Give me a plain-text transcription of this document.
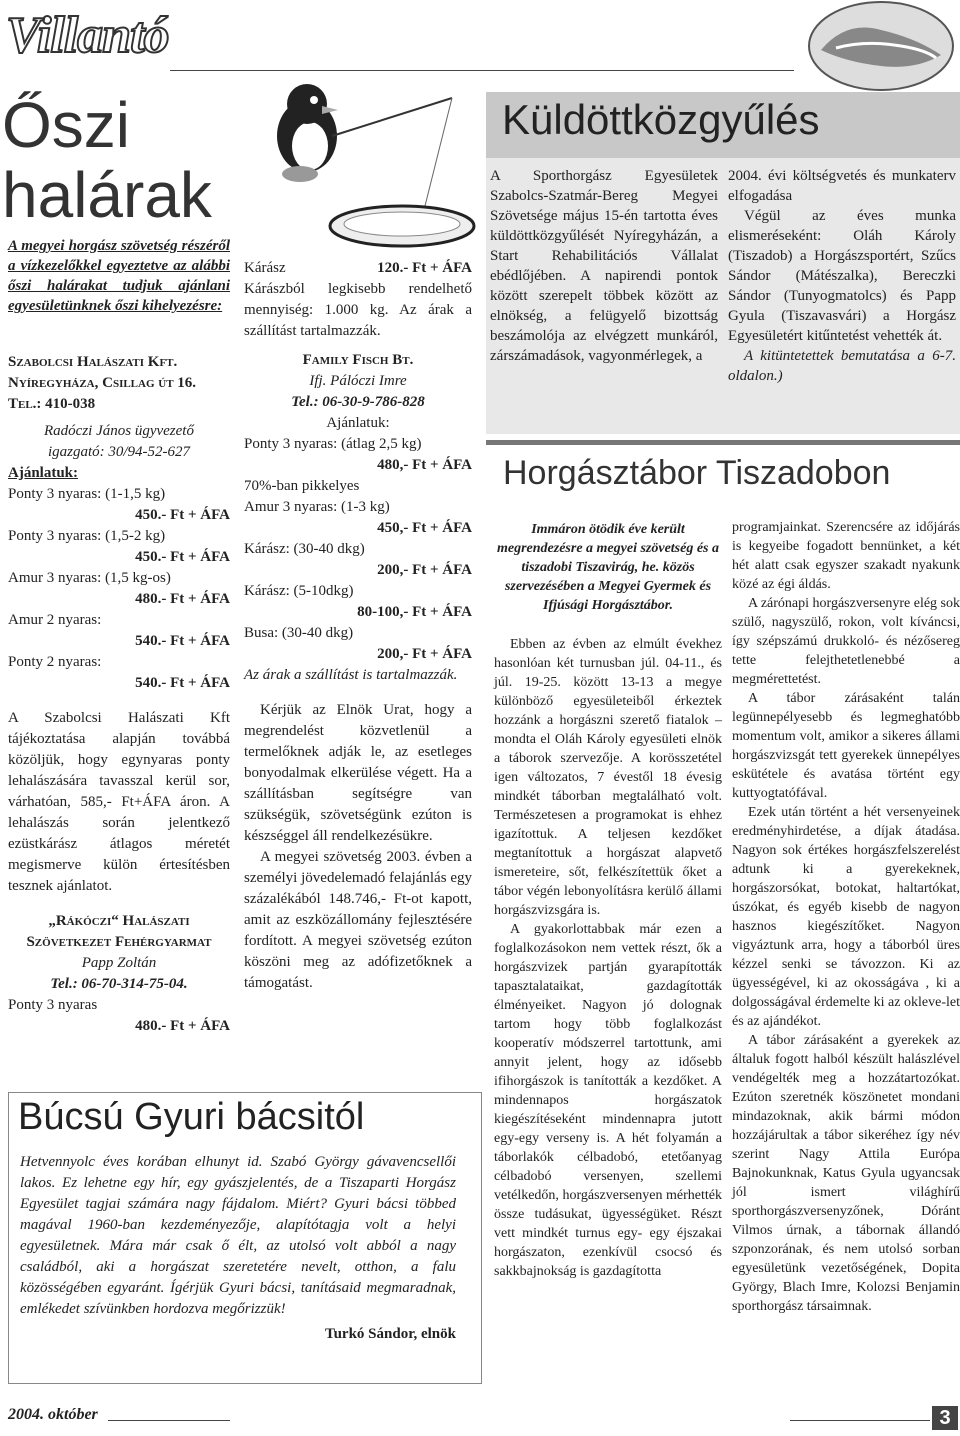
Villantó
Őszi halárak
A megyei horgász szövetség részéről a vízkezelőkkel egyeztetve az alábbi őszi halárakat tudjuk ajánlani egyesületünknek őszi kihelyezésre:

Szabolcsi Halászati Kft.

Nyíregyháza, Csillag út 16.

Tel.: 410-038

Radóczi János ügyvezető

igazgató: 30/94-52-627

Ajánlatuk:

Ponty 3 nyaras: (1-1,5 kg)

450.- Ft + ÁFA

Ponty 3 nyaras: (1,5-2 kg)

450.- Ft + ÁFA

Amur 3 nyaras: (1,5 kg-os)

480.- Ft + ÁFA

Amur 2 nyaras:

540.- Ft + ÁFA

Ponty 2 nyaras:

540.- Ft + ÁFA

A Szabolcsi Halászati Kft tájékoztatása alapján továbbá közöljük, hogy egynyaras ponty lehalászására tavasszal kerül sor, várhatóan, 585,- Ft+ÁFA áron. A lehalászás során jelentkező ezüstkárász átlagos méretét megismerve külön értesítésben tesznek ajánlatot.

„Rákóczi“ Halászati Szövetkezet Fehérgyarmat

Papp Zoltán

Tel.: 06-70-314-75-04.

Ponty 3 nyaras

480.- Ft + ÁFA

Kárász	120.- Ft + ÁFA

Kárászból legkisebb rendelhető mennyiség: 1.000 kg. Az árak a szállítást tartalmazzák.

Family Fisch Bt.

Ifj. Pálóczi Imre

Tel.: 06-30-9-786-828

Ajánlatuk:

Ponty 3 nyaras: (átlag 2,5 kg)

480,- Ft + ÁFA

70%-ban pikkelyes

Amur 3 nyaras: (1-3 kg)

450,- Ft + ÁFA

Kárász: (30-40 dkg)

200,- Ft + ÁFA

Kárász: (5-10dkg)

80-100,- Ft + ÁFA

Busa: (30-40 dkg)

200,- Ft + ÁFA

Az árak a szállítást is tartalmazzák.

Kérjük az Elnök Urat, hogy a megrendelést közvetlenül a termelőknek adják le, az esetleges bonyodalmak elkerülése végett. Ha a szállításban segítségre van szükségük, szövetségünk ezúton is készséggel áll rendelkezésükre.

A megyei szövetség 2003. évben a személyi jövedelemadó felajánlás egy százalékából 148.746,- Ft-ot kapott, amit az eszközállomány fejlesztésére fordított. A megyei szövetség ezúton köszöni meg az adófizetőknek a támogatást.

Küldöttközgyűlés
A Sporthorgász Egyesületek Szabolcs-Szatmár-Bereg Megyei Szövetsége május 15-én tartotta éves küldöttközgyűlését Nyíregyházán, a Start Rehabilitációs Vállalat ebédlőjében. A napirendi pontok között szerepelt többek között az elnökség, a felügyelő bizottság beszámolója az elvégzett munkáról, zárszámadások, vagyonmérlegek, a

2004. évi költségvetés és munkaterv elfogadása

Végül az éves munka elismeréseként: Oláh Károly (Tiszadob) a Horgászsportért, Szűcs Sándor (Mátészalka), Bereczki Sándor (Tunyogmatolcs) és Papp Gyula (Tiszavasvári) a Horgász Egyesületért kitűntetést vehették át.

A kitüntetettek bemutatása a 6-7. oldalon.)

Horgásztábor Tiszadobon

Immáron ötödik éve került megrendezésre a megyei szövetség és a tiszadobi Tiszavirág, he. közös szervezésében a Megyei Gyermek és Ifjúsági Horgásztábor.

Ebben az évben az elmúlt évekhez hasonlóan két turnusban júl. 04-11., és júl. 19-25. között 13-13 a megye különböző egyesületeiből érkeztek hozzánk a horgászni szerető fiatalok – mondta el Oláh Károly egyesületi elnök a táborok szervezője. A korösszetétel igen változatos, 7 évestől 18 évesig mindkét táborban megtalálható volt. Természetesen a programokat is ehhez igazítottuk. A teljesen kezdőket megtanítottuk a horgászat alapvető ismereteire, sőt, felkészítettük őket a tábor végén lebonyolításra kerülő állami horgászvizsgára is.

A gyakorlottabbak már ezen a foglalkozásokon nem vettek részt, ők a horgászvizek partján gyarapították tapasztalataikat, gazdagították élményeiket. Nagyon jó dolognak tartom hogy több foglalkozást kooperatív módszerrel tartottunk, ami annyit jelent, hogy az idősebb ifihorgászok is tanították a kezdőket. A mindennapos horgászatok kiegészítéseként mindennapra jutott egy-egy verseny is. A hét folyamán a táborlakók célbadobó, etetőanyag célbadobó versenyen, szellemi vetélkedőn, horgászversenyen mérhették össze tudásukat, ügyességüket. Részt vett mindkét turnus egy- egy éjszakai horgászaton, ezenkívül csocsó és sakkbajnokság is gazdagította

programjainkat. Szerencsére az időjárás is kegyeibe fogadott bennünket, a két hét alatt csak egyszer szakadt nyakunk közé az égi áldás.

A zárónapi horgászversenyre elég sok szülő, nagyszülő, rokon, volt kíváncsi, így szépszámú drukkoló- és nézősereg tette felejthetetlenebbé a megmérettetést.

A tábor zárásaként talán legünnepélyesebb és legmeghatóbb momentum volt, amikor a sikeres állami horgászvizsgát tett gyerekek ünnepélyes eskütétele és avatása történt egy kuttyogtatófával.

Ezek után történt a hét versenyeinek eredményhirdetése, a díjak átadása. Nagyon sok értékes horgászfelszerelést adtunk ki a gyerekeknek, horgászorsókat, botokat, haltartókat, úszókat, és egyéb kisebb de nagyon hasznos kiegészítőket. Nagyon vigyáztunk arra, hogy a táborból üres kézzel senki se távozzon. Ki az ügyességével, ki az okosságáva , ki a dolgosságával érdemelte ki az okleve-let és az ajándékot.

A tábor zárásaként a gyerekek az általuk fogott halból készült halászlével vendégelték meg a hozzátartozókat. Ezúton szeretnék köszönetet mondani mindazoknak, akik bármi módon hozzájárultak a tábor sikeréhez így név szerint Nagy Attila Európa Bajnokunknak, Katus Gyula ugyancsak jól ismert világhírű sporthorgászversenyzőnek, Dóránt Vilmos úrnak, a tábornak állandó szponzorának, és nem utolsó sorban egyesületünk vezetőségének, Dopita György, Blach Imre, Kolozsi Benjamin sporthorgász társaimnak.

Búcsú Gyuri bácsitól

Hetvennyolc éves korában elhunyt id. Szabó György gávavencsellői lakos. Ez lehetne egy hír, egy gyászjelentés, de a Tiszaparti Horgász Egyesület tagjai számára nagy fájdalom. Miért? Gyuri bácsi többed magával 1960-ban kezdeményezője, alapítótagja volt a helyi egyesületnek. Mára már csak ő élt, az utolsó volt abból a nagy családból, aki a horgászat szeretetére nevelt, otthon, a falu közösségében egyaránt. Ígérjük Gyuri bácsi, tanításaid megmaradnak, emlékedet szívünkben hordozva megőrizzük!

Turkó Sándor, elnök

2004. október	3
